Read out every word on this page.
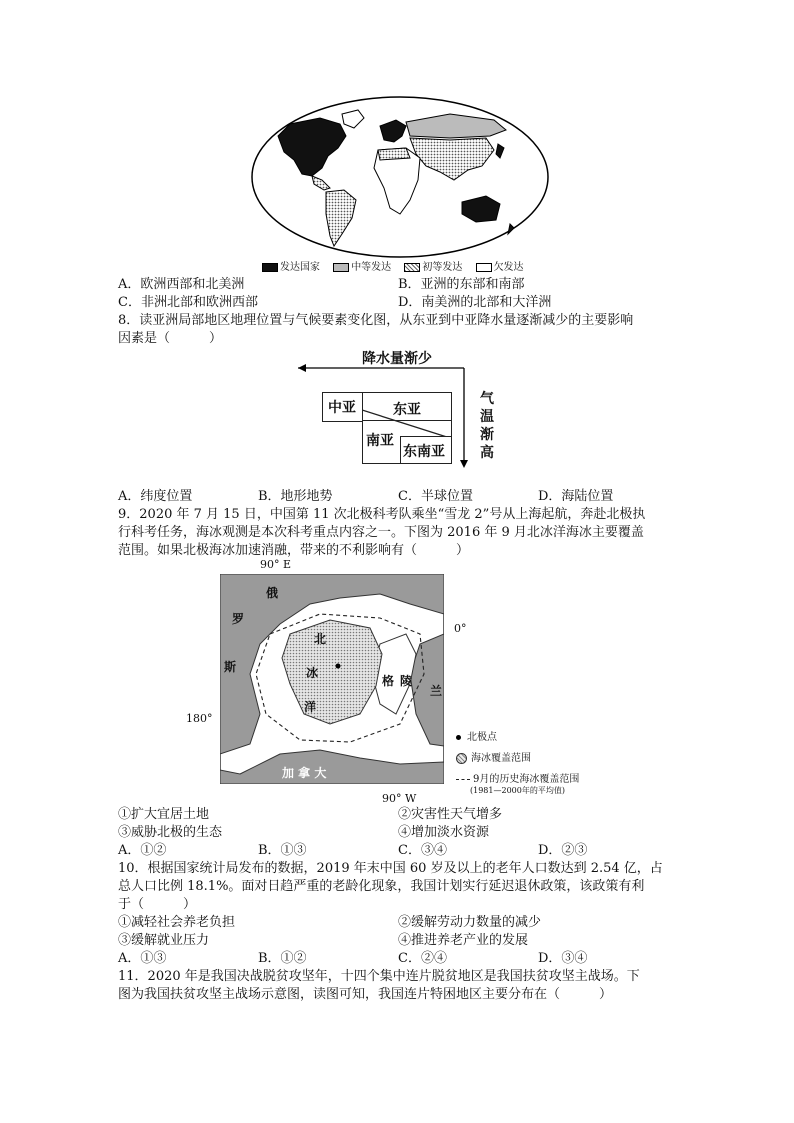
发达国家	中等发达	初等发达	欠发达
A．欧洲西部和北美洲	B．亚洲的东部和南部
C．非洲北部和欧洲西部	D．南美洲的北部和大洋洲
8．读亚洲局部地区地理位置与气候要素变化图，从东亚到中亚降水量逐渐减少的主要影响
因素是（　　　）
降水量渐少
气
温
渐
高
中亚	东亚
南亚
东南亚
A．纬度位置	B．地形地势	C．半球位置	D．海陆位置
9．2020 年 7 月 15 日，中国第 11 次北极科考队乘坐“雪龙 2”号从上海起航，奔赴北极执
行科考任务，海冰观测是本次科考重点内容之一。下图为 2016 年 9 月北冰洋海冰主要覆盖
范围。如果北极海冰加速消融，带来的不利影响有（　　　）
90° E
0°
180°
90° W
俄
罗
斯
北
冰
洋
格 陵
兰
加 拿 大
北极点
海冰覆盖范围
9月的历史海冰覆盖范围
(1981—2000年的平均值)
①扩大宜居土地	②灾害性天气增多
③威胁北极的生态	④增加淡水资源
A．①②	B．①③	C．③④	D．②③
10．根据国家统计局发布的数据，2019 年末中国 60 岁及以上的老年人口数达到 2.54 亿，占
总人口比例 18.1%。面对日趋严重的老龄化现象，我国计划实行延迟退休政策，该政策有利
于（　　　）
①减轻社会养老负担	②缓解劳动力数量的减少
③缓解就业压力	④推进养老产业的发展
A．①③	B．①②	C．②④	D．③④
11．2020 年是我国决战脱贫攻坚年，十四个集中连片脱贫地区是我国扶贫攻坚主战场。下
图为我国扶贫攻坚主战场示意图，读图可知，我国连片特困地区主要分布在（　　　）
